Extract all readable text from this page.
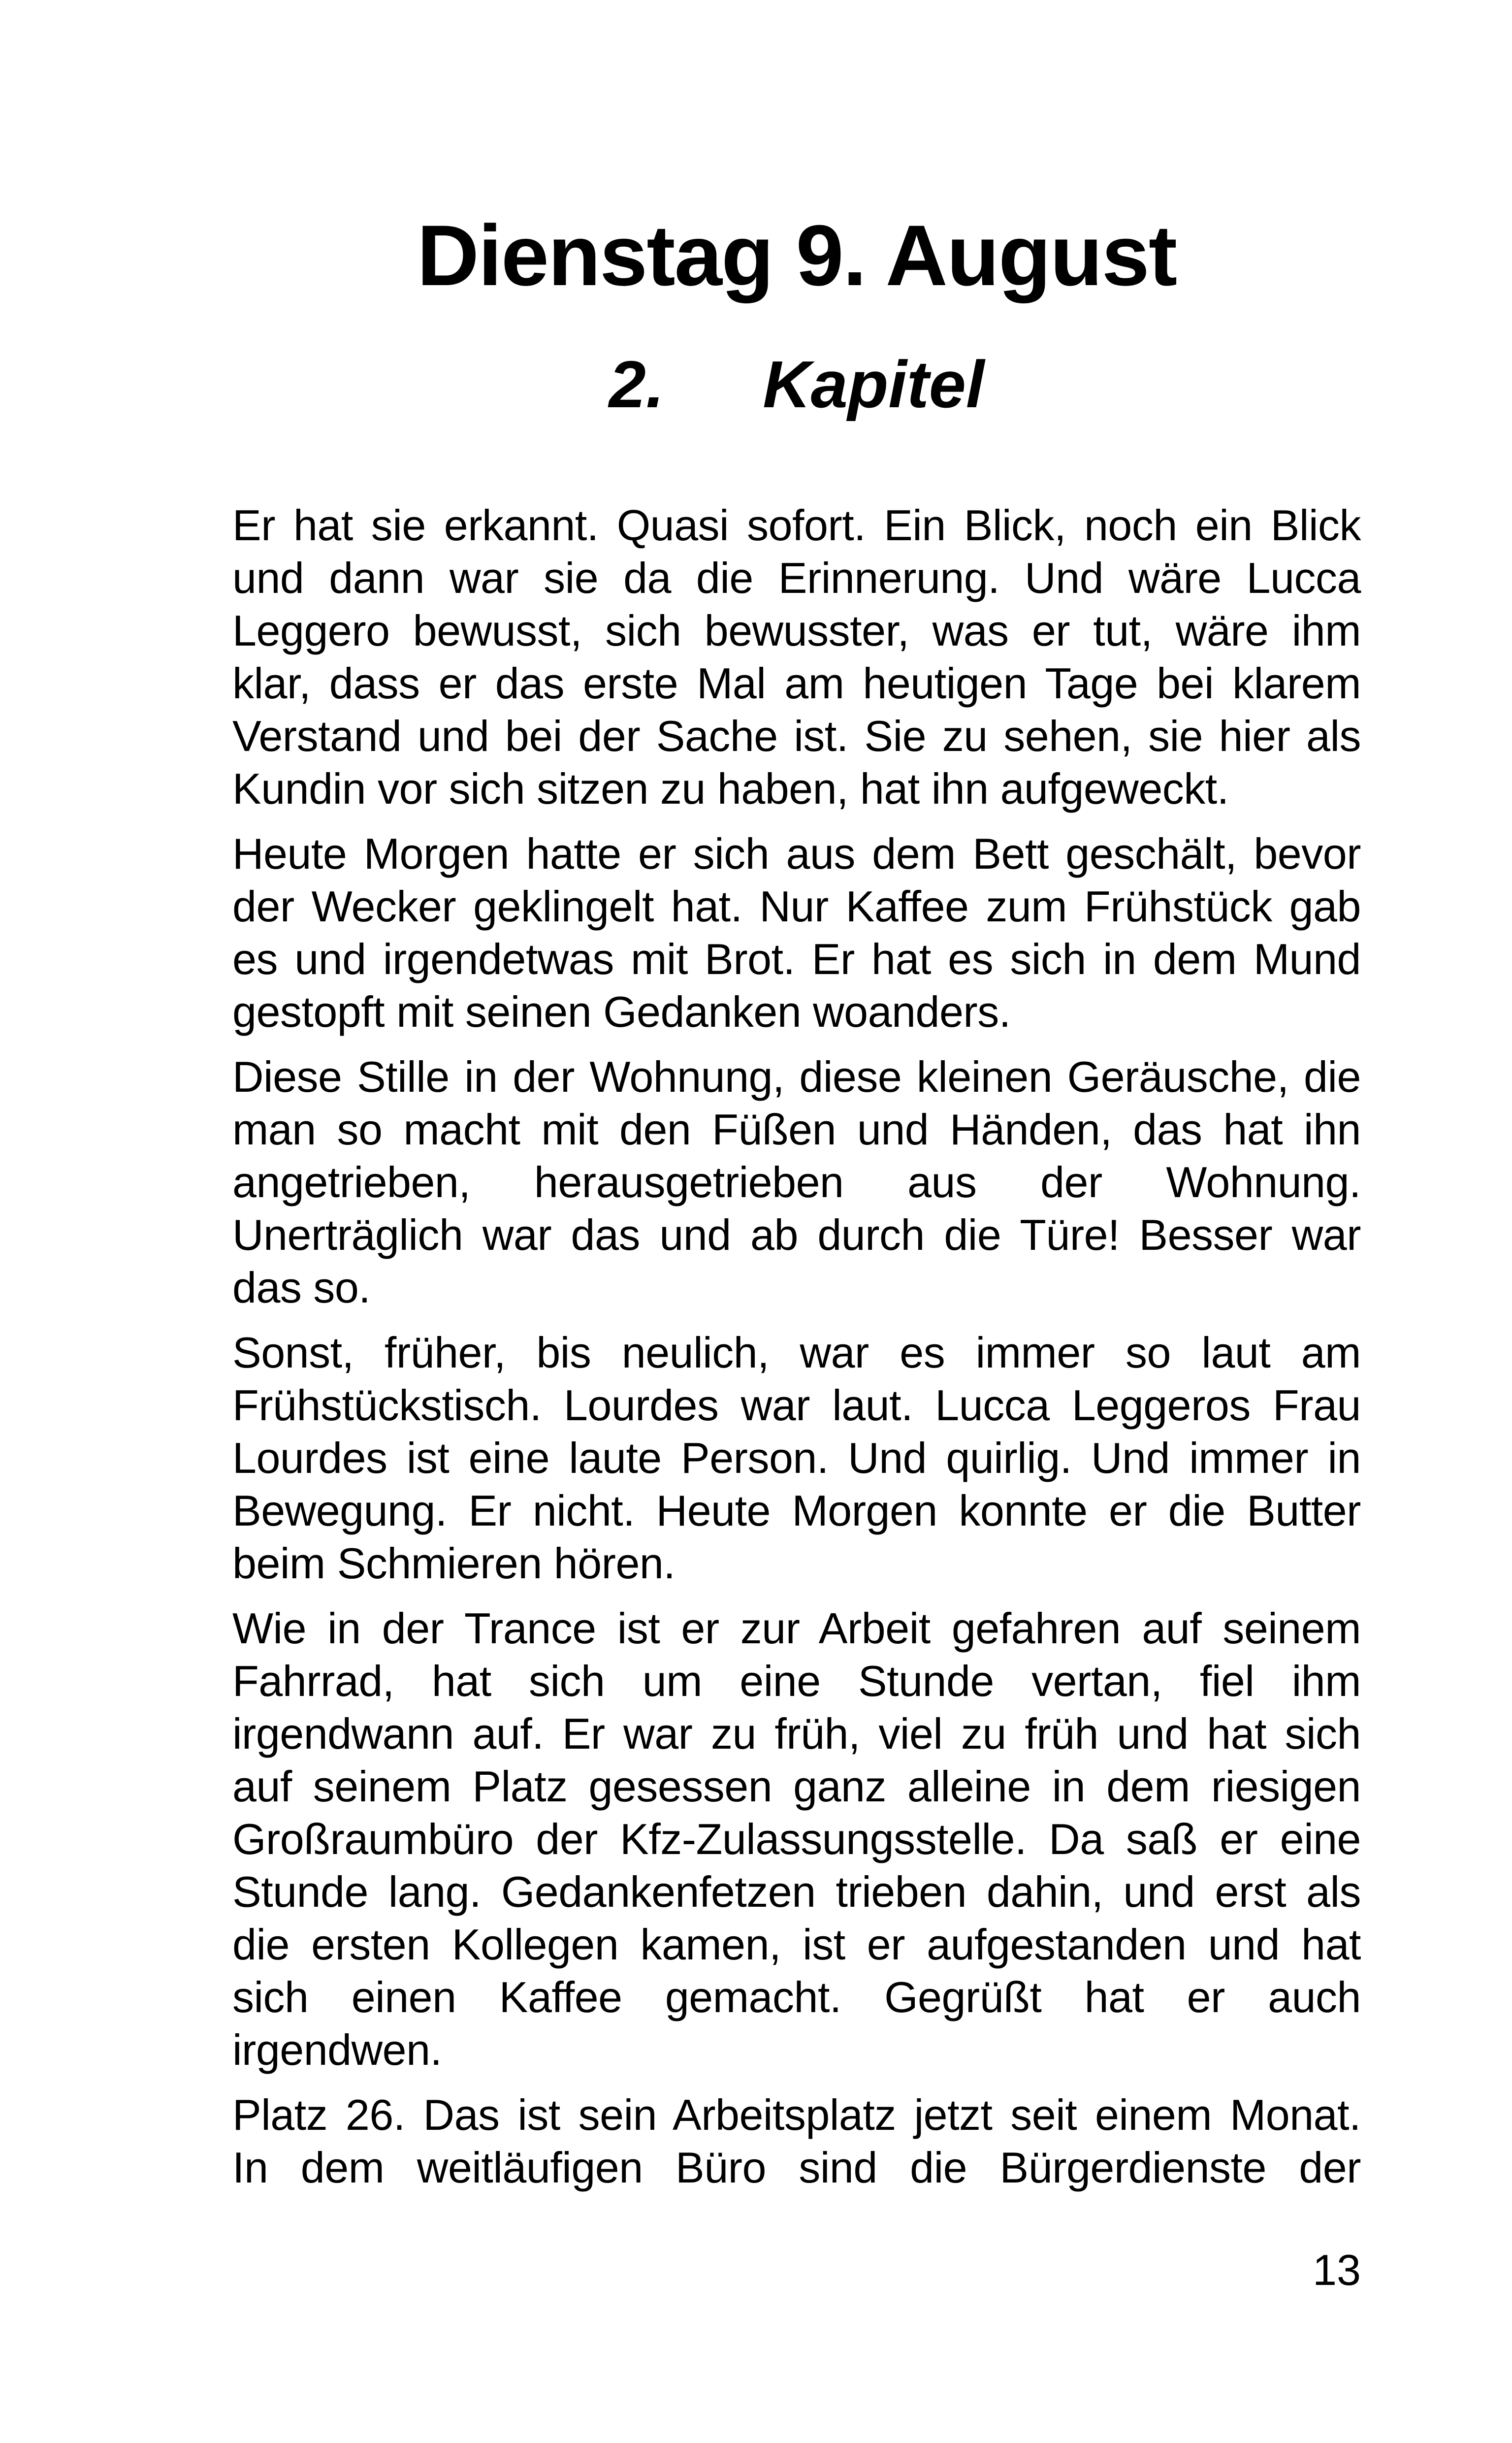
Dienstag 9. August
2. Kapitel
Er hat sie erkannt. Quasi sofort. Ein Blick, noch ein Blick
und dann war sie da die Erinnerung. Und wäre Lucca
Leggero bewusst, sich bewusster, was er tut, wäre ihm
klar, dass er das erste Mal am heutigen Tage bei klarem
Verstand und bei der Sache ist. Sie zu sehen, sie hier als
Kundin vor sich sitzen zu haben, hat ihn aufgeweckt.
Heute Morgen hatte er sich aus dem Bett geschält, bevor
der Wecker geklingelt hat. Nur Kaffee zum Frühstück gab
es und irgendetwas mit Brot. Er hat es sich in dem Mund
gestopft mit seinen Gedanken woanders.
Diese Stille in der Wohnung, diese kleinen Geräusche, die
man so macht mit den Füßen und Händen, das hat ihn
angetrieben, herausgetrieben aus der Wohnung.
Unerträglich war das und ab durch die Türe! Besser war
das so.
Sonst, früher, bis neulich, war es immer so laut am
Frühstückstisch. Lourdes war laut. Lucca Leggeros Frau
Lourdes ist eine laute Person. Und quirlig. Und immer in
Bewegung. Er nicht. Heute Morgen konnte er die Butter
beim Schmieren hören.
Wie in der Trance ist er zur Arbeit gefahren auf seinem
Fahrrad, hat sich um eine Stunde vertan, fiel ihm
irgendwann auf. Er war zu früh, viel zu früh und hat sich
auf seinem Platz gesessen ganz alleine in dem riesigen
Großraumbüro der Kfz-Zulassungsstelle. Da saß er eine
Stunde lang. Gedankenfetzen trieben dahin, und erst als
die ersten Kollegen kamen, ist er aufgestanden und hat
sich einen Kaffee gemacht. Gegrüßt hat er auch
irgendwen.
Platz 26. Das ist sein Arbeitsplatz jetzt seit einem Monat.
In dem weitläufigen Büro sind die Bürgerdienste der
13
